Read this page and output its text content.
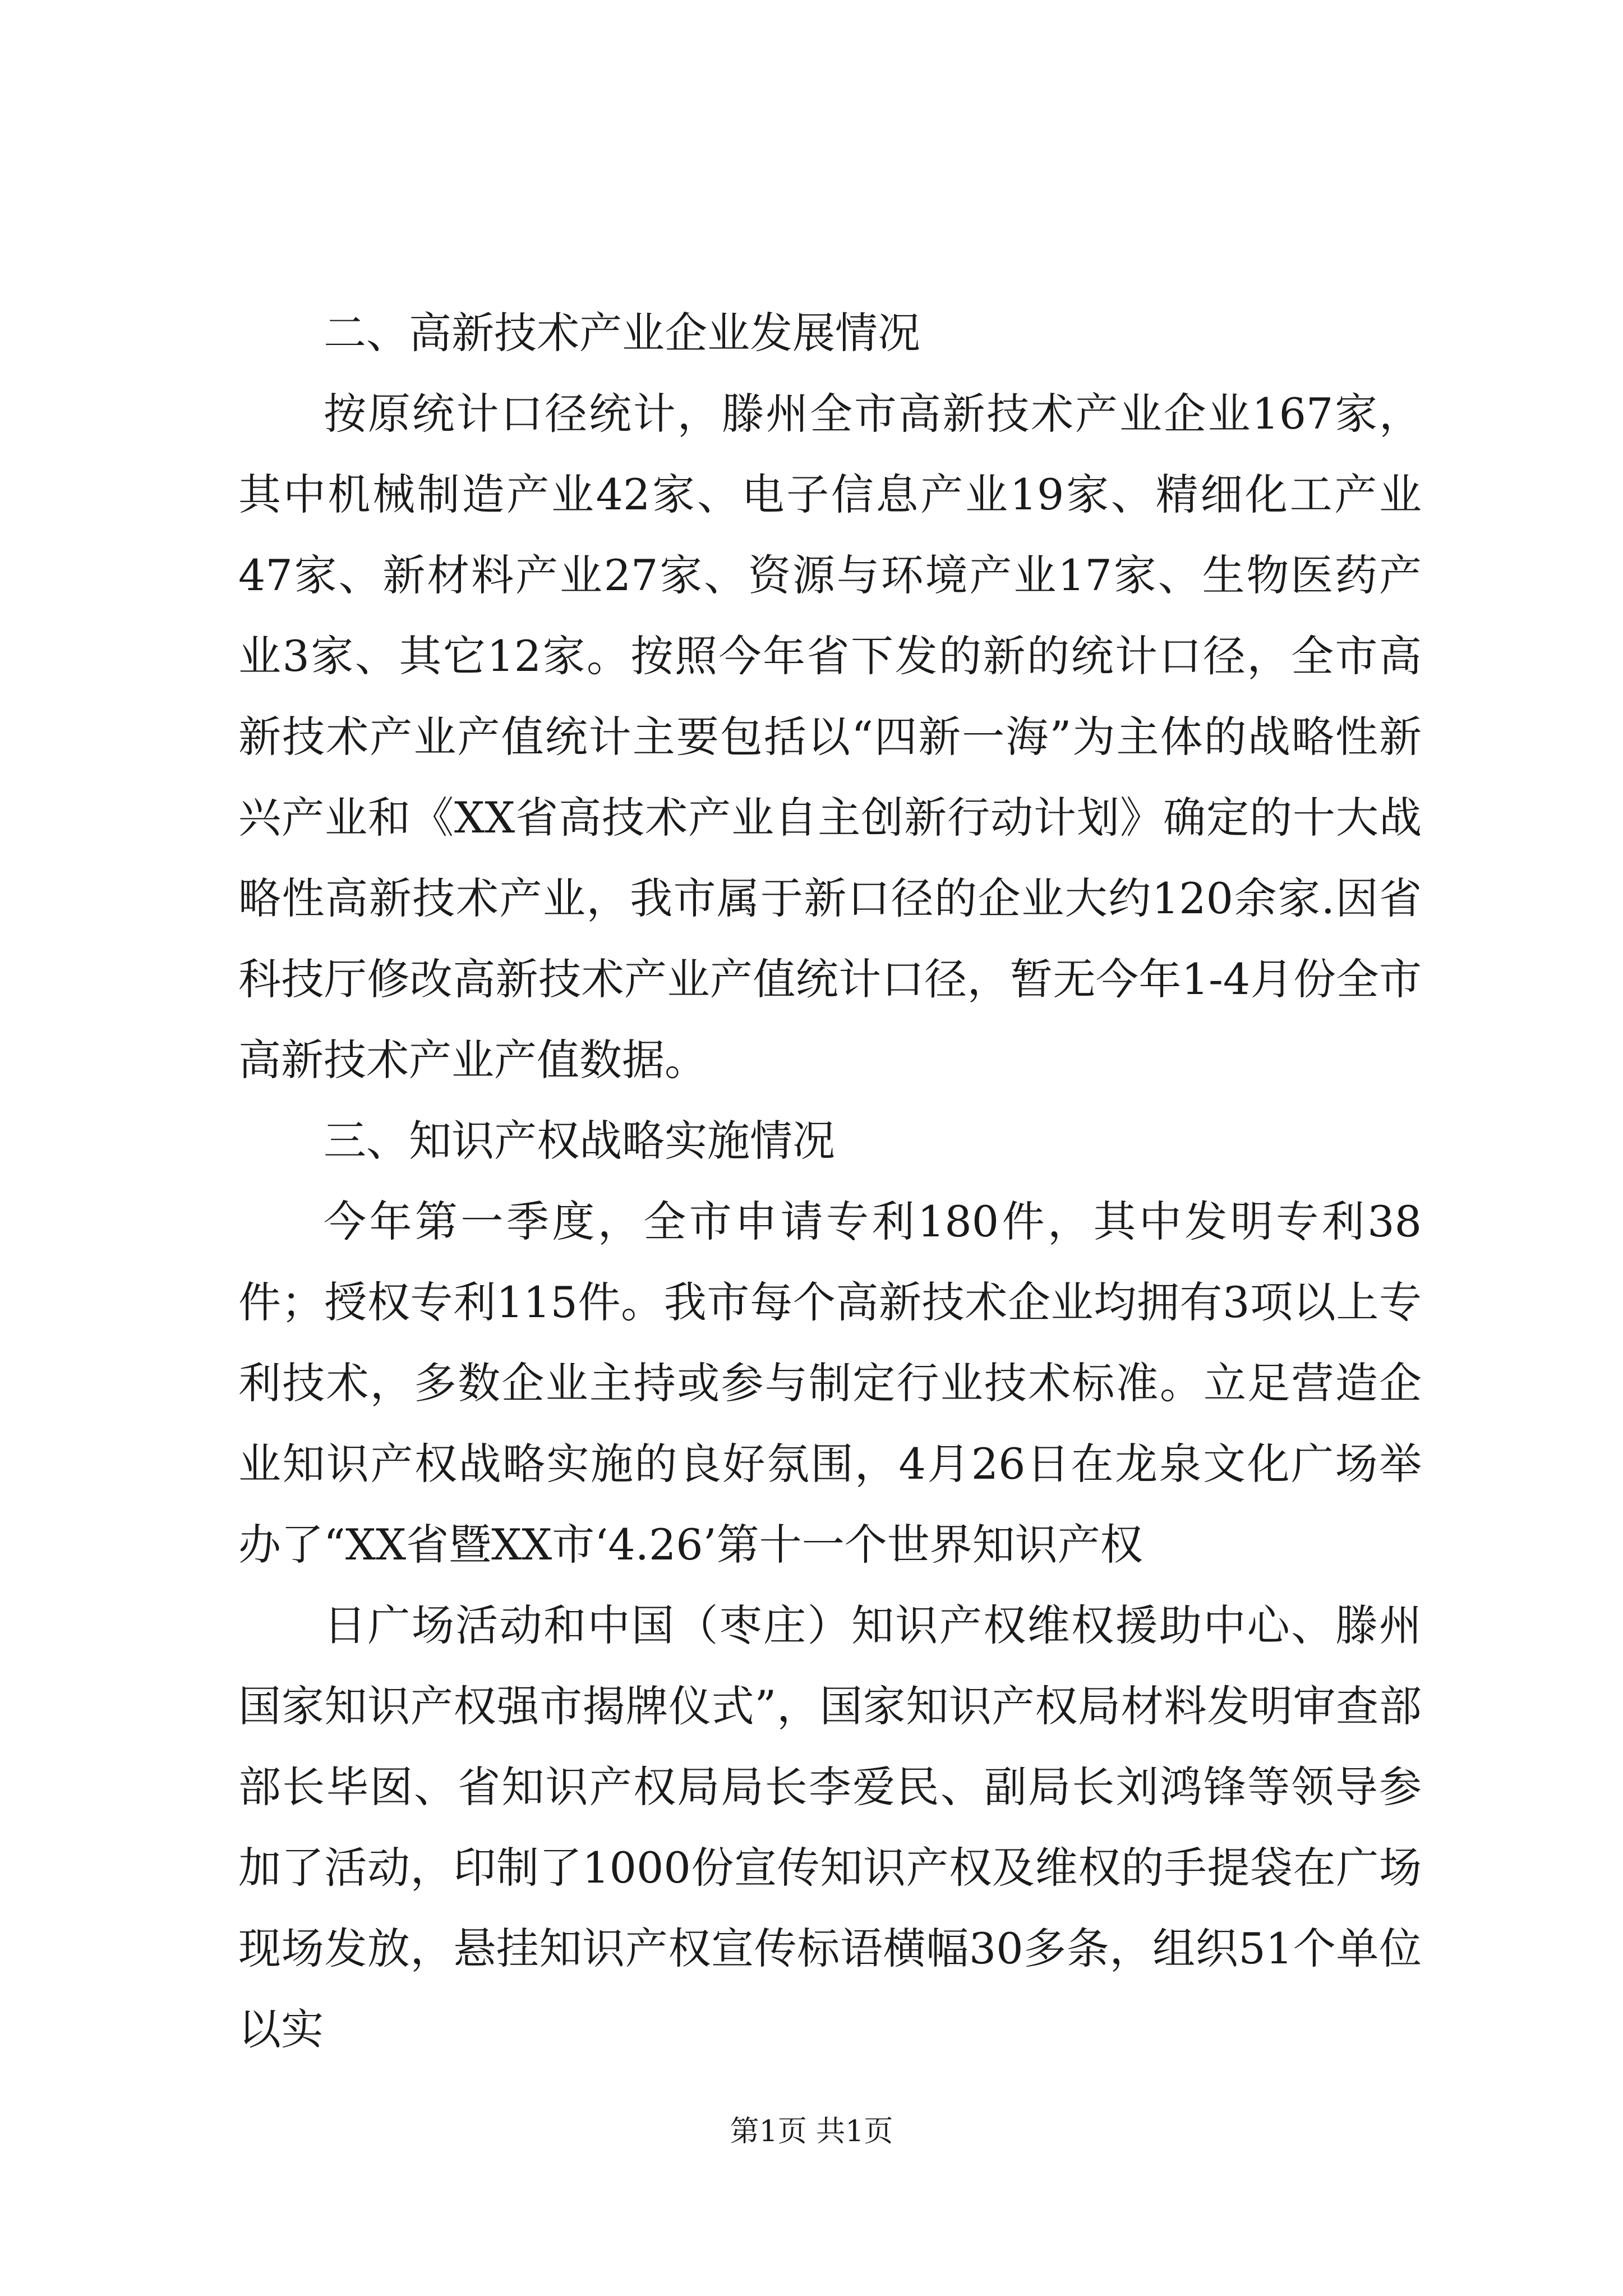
二、高新技术产业企业发展情况

按原统计口径统计，滕州全市高新技术产业企业167家，其中机械制造产业42家、电子信息产业19家、精细化工产业47家、新材料产业27家、资源与环境产业17家、生物医药产业3家、其它12家。按照今年省下发的新的统计口径，全市高新技术产业产值统计主要包括以“四新一海”为主体的战略性新兴产业和《XX省高技术产业自主创新行动计划》确定的十大战略性高新技术产业，我市属于新口径的企业大约120余家.因省科技厅修改高新技术产业产值统计口径，暂无今年1-4月份全市高新技术产业产值数据。

三、知识产权战略实施情况

今年第一季度，全市申请专利180件，其中发明专利38件；授权专利115件。我市每个高新技术企业均拥有3项以上专利技术，多数企业主持或参与制定行业技术标准。立足营造企业知识产权战略实施的良好氛围，4月26日在龙泉文化广场举办了“XX省暨XX市‘4.26’第十一个世界知识产权

日广场活动和中国（枣庄）知识产权维权援助中心、滕州国家知识产权强市揭牌仪式”，国家知识产权局材料发明审查部部长毕囡、省知识产权局局长李爱民、副局长刘鸿锋等领导参加了活动，印制了1000份宣传知识产权及维权的手提袋在广场现场发放，悬挂知识产权宣传标语横幅30多条，组织51个单位以实

第1页 共1页
